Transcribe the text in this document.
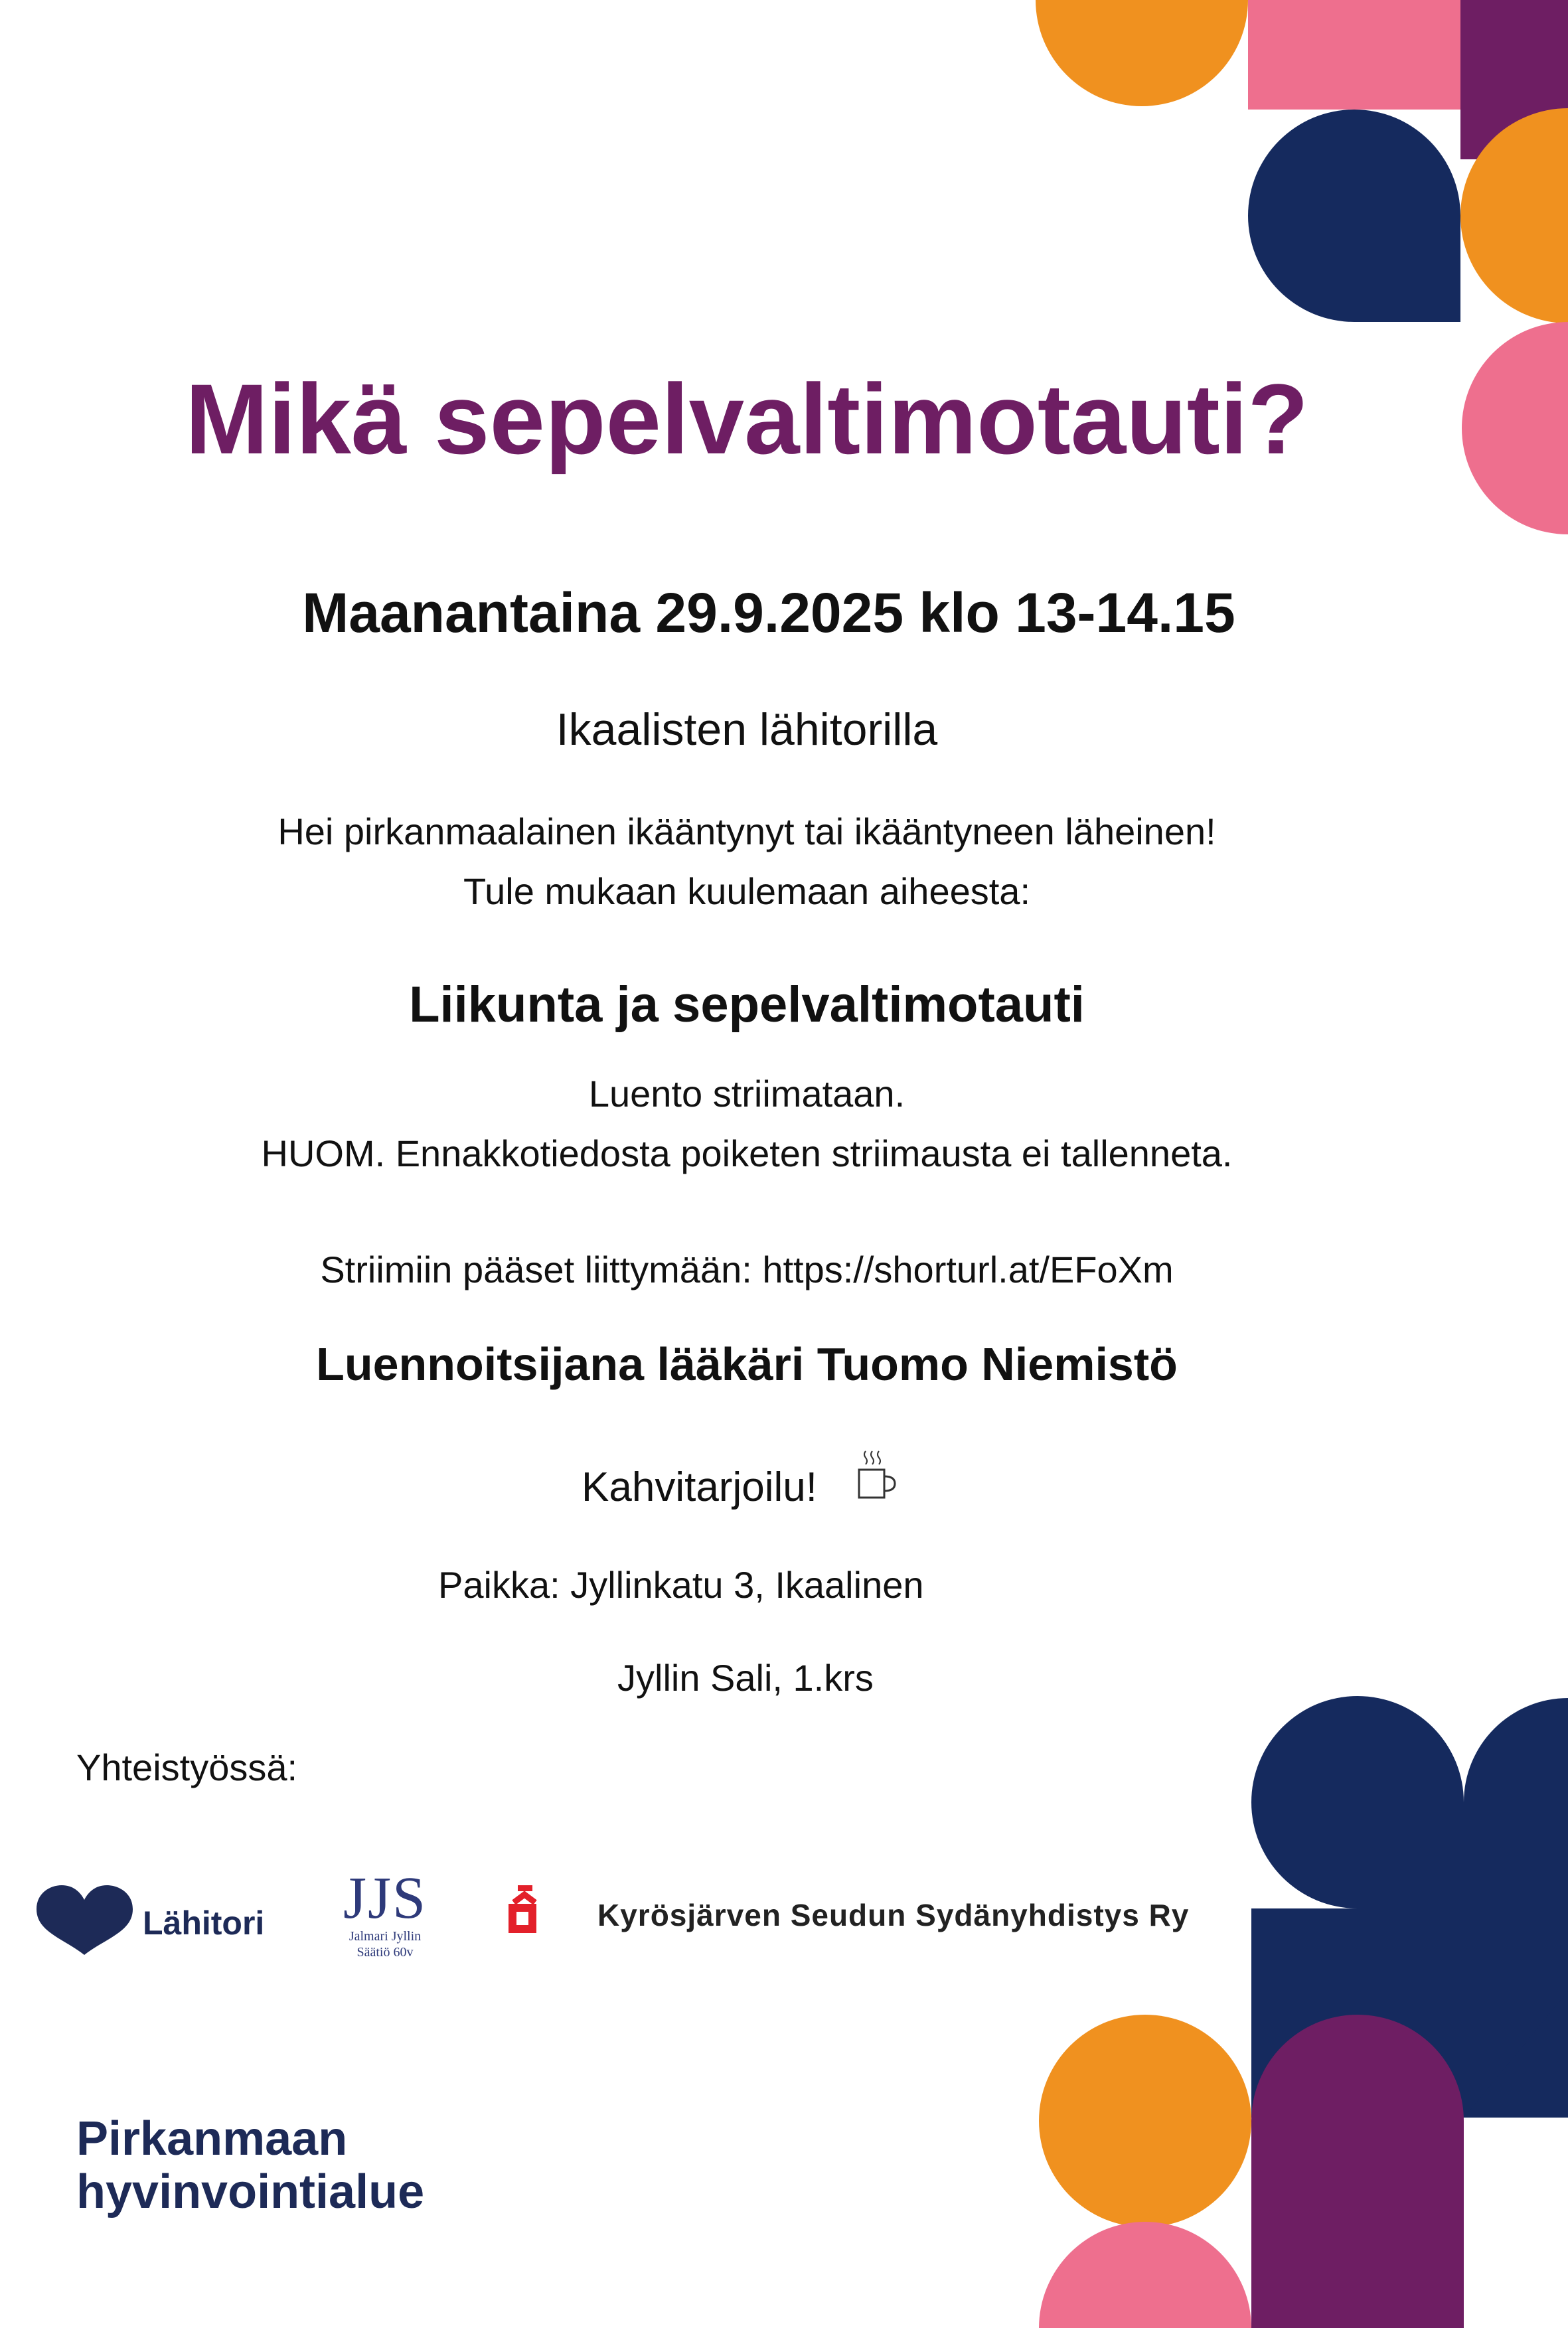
Mikä sepelvaltimotauti?

Maanantaina 29.9.2025 klo 13-14.15

Ikaalisten lähitorilla

Hei pirkanmaalainen ikääntynyt tai ikääntyneen läheinen!

Tule mukaan kuulemaan aiheesta:

Liikunta ja sepelvaltimotauti

Luento striimataan.

HUOM. Ennakkotiedosta poiketen striimausta ei tallenneta.

Striimiin pääset liittymään: https://shorturl.at/EFoXm

Luennoitsijana lääkäri Tuomo Niemistö

Kahvitarjoilu!

Paikka: Jyllinkatu 3, Ikaalinen

Jyllin Sali, 1.krs

Yhteistyössä:

Lähitori JJS
Jalmari Jyllin
Säätiö 60v
Kyrösjärven Seudun Sydänyhdistys Ry
Pirkanmaan
hyvinvointialue
